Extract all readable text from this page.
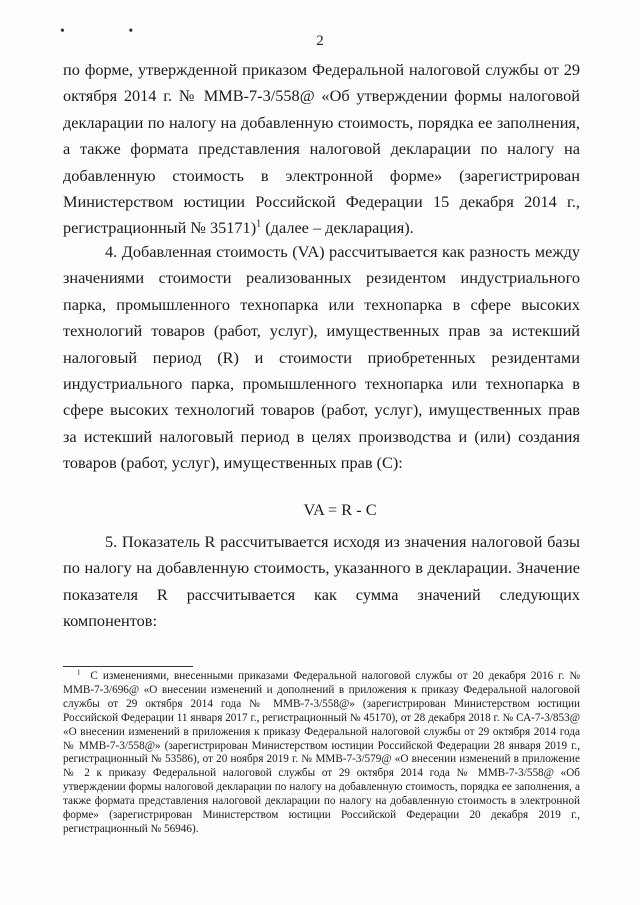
• •
2

по форме, утвержденной приказом Федеральной налоговой службы от 29 октября 2014 г. № ММВ-7-3/558@ «Об утверждении формы налоговой декларации по налогу на добавленную стоимость, порядка ее заполнения, а также формата представления налоговой декларации по налогу на добавленную стоимость в электронной форме» (зарегистрирован Министерством юстиции Российской Федерации 15 декабря 2014 г., регистрационный № 35171)$^1$ (далее – декларация).

4. Добавленная стоимость (VA) рассчитывается как разность между значениями стоимости реализованных резидентом индустриального парка, промышленного технопарка или технопарка в сфере высоких технологий товаров (работ, услуг), имущественных прав за истекший налоговый период (R) и стоимости приобретенных резидентами индустриального парка, промышленного технопарка или технопарка в сфере высоких технологий товаров (работ, услуг), имущественных прав за истекший налоговый период в целях производства и (или) создания товаров (работ, услуг), имущественных прав (C):

VA = R - C

5. Показатель R рассчитывается исходя из значения налоговой базы по налогу на добавленную стоимость, указанного в декларации. Значение показателя R рассчитывается как сумма значений следующих компонентов:

$^1$ С изменениями, внесенными приказами Федеральной налоговой службы от 20 декабря 2016 г. № ММВ-7-3/696@ «О внесении изменений и дополнений в приложения к приказу Федеральной налоговой службы от 29 октября 2014 года № ММВ-7-3/558@» (зарегистрирован Министерством юстиции Российской Федерации 11 января 2017 г., регистрационный № 45170), от 28 декабря 2018 г. № СА-7-3/853@ «О внесении изменений в приложения к приказу Федеральной налоговой службы от 29 октября 2014 года № ММВ-7-3/558@» (зарегистрирован Министерством юстиции Российской Федерации 28 января 2019 г., регистрационный № 53586), от 20 ноября 2019 г. № ММВ-7-3/579@ «О внесении изменений в приложение № 2 к приказу Федеральной налоговой службы от 29 октября 2014 года № ММВ-7-3/558@ «Об утверждении формы налоговой декларации по налогу на добавленную стоимость, порядка ее заполнения, а также формата представления налоговой декларации по налогу на добавленную стоимость в электронной форме» (зарегистрирован Министерством юстиции Российской Федерации 20 декабря 2019 г., регистрационный № 56946).
